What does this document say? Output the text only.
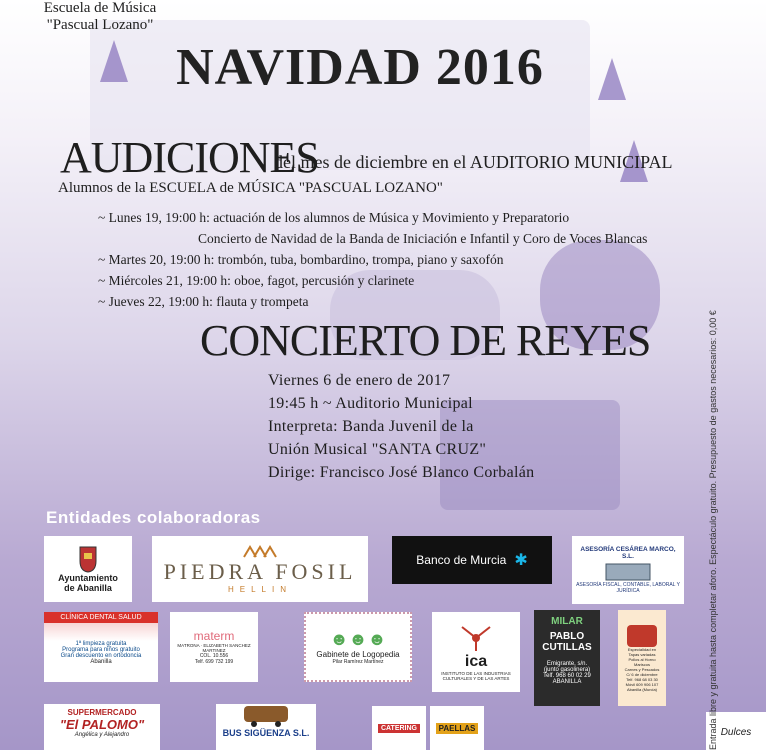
Escuela de Música
"Pascual Lozano"
NAVIDAD 2016
AUDICIONES
del mes de diciembre en el AUDITORIO MUNICIPAL
Alumnos de la ESCUELA de MÚSICA "PASCUAL LOZANO"
~ Lunes 19, 19:00 h: actuación de los alumnos de Música y Movimiento y Preparatorio
Concierto de Navidad de la Banda de Iniciación e Infantil y Coro de Voces Blancas
~ Martes 20, 19:00 h: trombón, tuba, bombardino, trompa, piano y saxofón
~ Miércoles 21, 19:00 h: oboe, fagot, percusión y clarinete
~ Jueves 22, 19:00 h: flauta y trompeta
CONCIERTO DE REYES
Viernes 6 de enero de 2017
19:45 h ~ Auditorio Municipal
Interpreta: Banda Juvenil de la
Unión Musical "SANTA CRUZ"
Dirige: Francisco José Blanco Corbalán
Entidades colaboradoras
Ayuntamiento
de Abanilla
PIEDRA FOSIL
HELLIN
Banco de Murcia ✱
ASESORÍA CESÁREA MARCO, S.L.
ASESORÍA FISCAL, CONTABLE, LABORAL Y JURÍDICA
CLÍNICA DENTAL SALUD
1ª limpieza gratuita
Programa para niños gratuito
Gran descuento en ortodoncia
Abanilla
materm
MATRONA · ELIZABETH SANCHEZ MARTINEZ
COL. 10.556
Telf. 699 732 199
☻☻☻
Gabinete de Logopedia
Pilar Ramírez Martínez	ica
INSTITUTO DE LAS INDUSTRIAS CULTURALES Y DE LAS ARTES
MILAR
PABLO
CUTILLAS
Emigrante, s/n.
(junto gasolinera)
Telf. 968 60 02 29
ABANILLA
Especialidad en
Tapas variadas
Pollos al Horno
Mariscos
Carnes y Pescados
C/ 6 de diciembre
Telf. 968 68 03 30
Móvil 609 906 107
Abanilla (Murcia)
SUPERMERCADO
"El PALOMO"
Angélica y Alejandro	BUS SIGÜENZA S.L.	CATERING	PAELLAS	Dulces
Entrada libre y gratuita hasta completar aforo. Espectáculo gratuito. Presupuesto de gastos necesarios: 0,00 €
